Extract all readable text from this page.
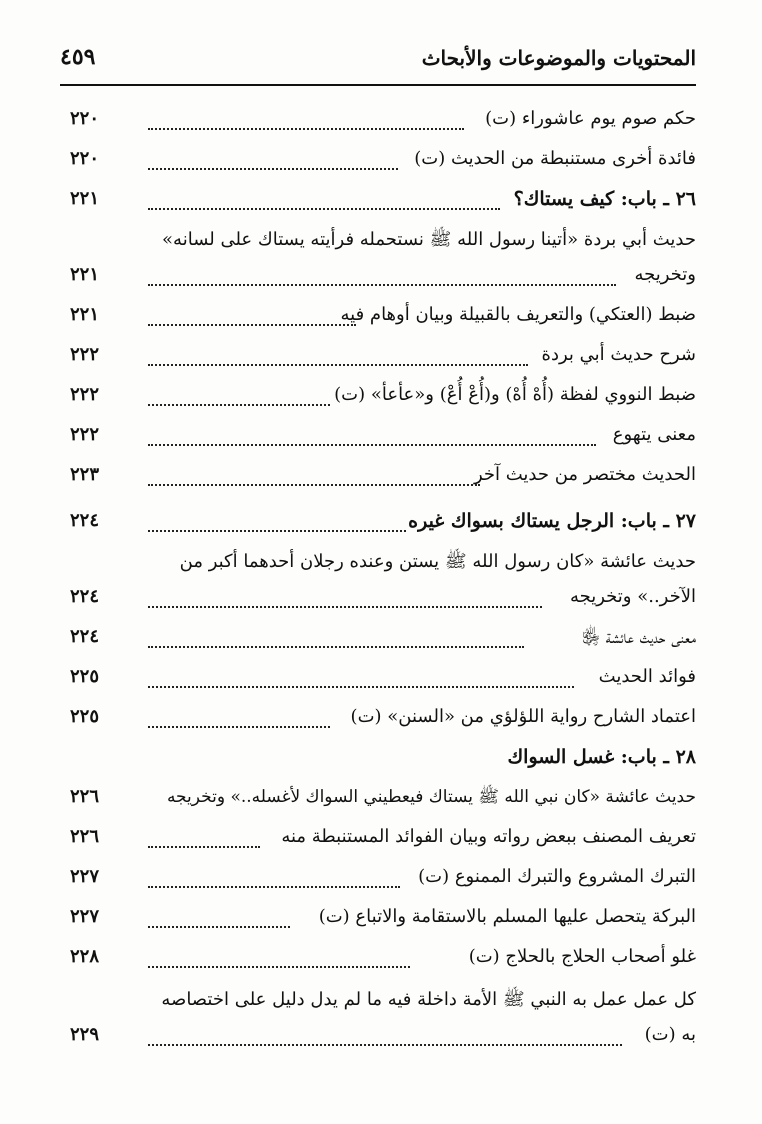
المحتويات والموضوعات والأبحاث
٤٥٩
حكم صوم يوم عاشوراء (ت)
٢٢٠
فائدة أخرى مستنبطة من الحديث (ت)
٢٢٠
٢٦ ـ باب: كيف يستاك؟
٢٢١
حديث أبي بردة «أتينا رسول الله ﷺ نستحمله فرأيته يستاك على لسانه»
وتخريجه
٢٢١
ضبط (العتكي) والتعريف بالقبيلة وبيان أوهام فيه
٢٢١
شرح حديث أبي بردة
٢٢٢
ضبط النووي لفظة (أُهْ أُهْ) و(أُعْ أُعْ) و«عأعأ» (ت)
٢٢٢
معنى يتهوع
٢٢٢
الحديث مختصر من حديث آخر
٢٢٣
٢٧ ـ باب: الرجل يستاك بسواك غيره
٢٢٤
حديث عائشة «كان رسول الله ﷺ يستن وعنده رجلان أحدهما أكبر من
الآخر..» وتخريجه
٢٢٤
معنى حديث عائشة ﵂
٢٢٤
فوائد الحديث
٢٢٥
اعتماد الشارح رواية اللؤلؤي من «السنن» (ت)
٢٢٥
٢٨ ـ باب: غسل السواك
حديث عائشة «كان نبي الله ﷺ يستاك فيعطيني السواك لأغسله..» وتخريجه
٢٢٦
تعريف المصنف ببعض رواته وبيان الفوائد المستنبطة منه
٢٢٦
التبرك المشروع والتبرك الممنوع (ت)
٢٢٧
البركة يتحصل عليها المسلم بالاستقامة والاتباع (ت)
٢٢٧
غلو أصحاب الحلاج بالحلاج (ت)
٢٢٨
كل عمل عمل به النبي ﷺ الأمة داخلة فيه ما لم يدل دليل على اختصاصه
به (ت)
٢٢٩
